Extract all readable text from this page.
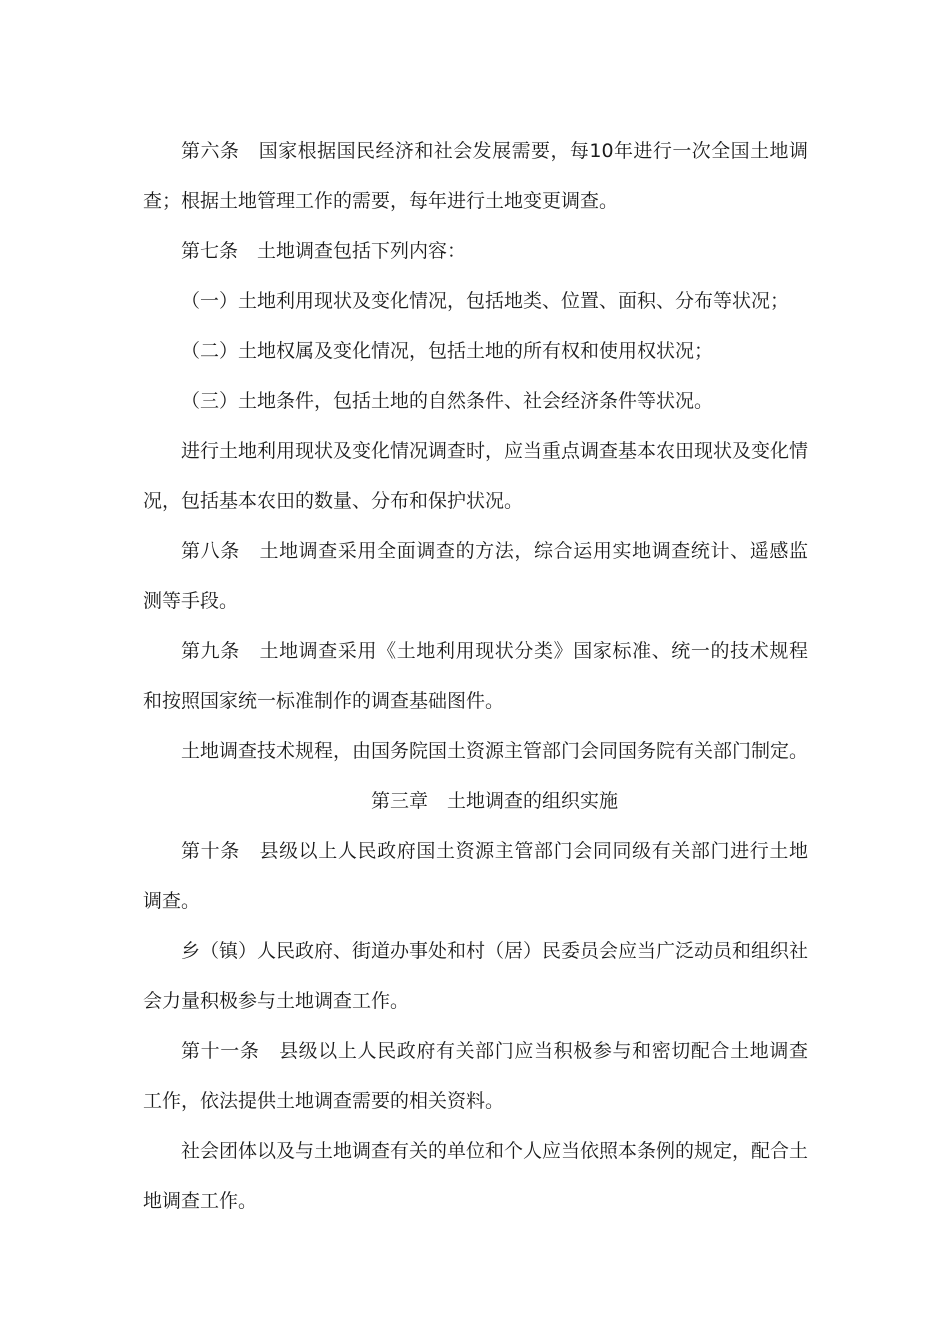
第六条 国家根据国民经济和社会发展需要，每10年进行一次全国土地调查；根据土地管理工作的需要，每年进行土地变更调查。

第七条 土地调查包括下列内容：

（一）土地利用现状及变化情况，包括地类、位置、面积、分布等状况；

（二）土地权属及变化情况，包括土地的所有权和使用权状况；

（三）土地条件，包括土地的自然条件、社会经济条件等状况。

进行土地利用现状及变化情况调查时，应当重点调查基本农田现状及变化情况，包括基本农田的数量、分布和保护状况。

第八条 土地调查采用全面调查的方法，综合运用实地调查统计、遥感监测等手段。

第九条 土地调查采用《土地利用现状分类》国家标准、统一的技术规程和按照国家统一标准制作的调查基础图件。

土地调查技术规程，由国务院国土资源主管部门会同国务院有关部门制定。

第三章 土地调查的组织实施

第十条 县级以上人民政府国土资源主管部门会同同级有关部门进行土地调查。

乡（镇）人民政府、街道办事处和村（居）民委员会应当广泛动员和组织社会力量积极参与土地调查工作。

第十一条 县级以上人民政府有关部门应当积极参与和密切配合土地调查工作，依法提供土地调查需要的相关资料。

社会团体以及与土地调查有关的单位和个人应当依照本条例的规定，配合土地调查工作。
